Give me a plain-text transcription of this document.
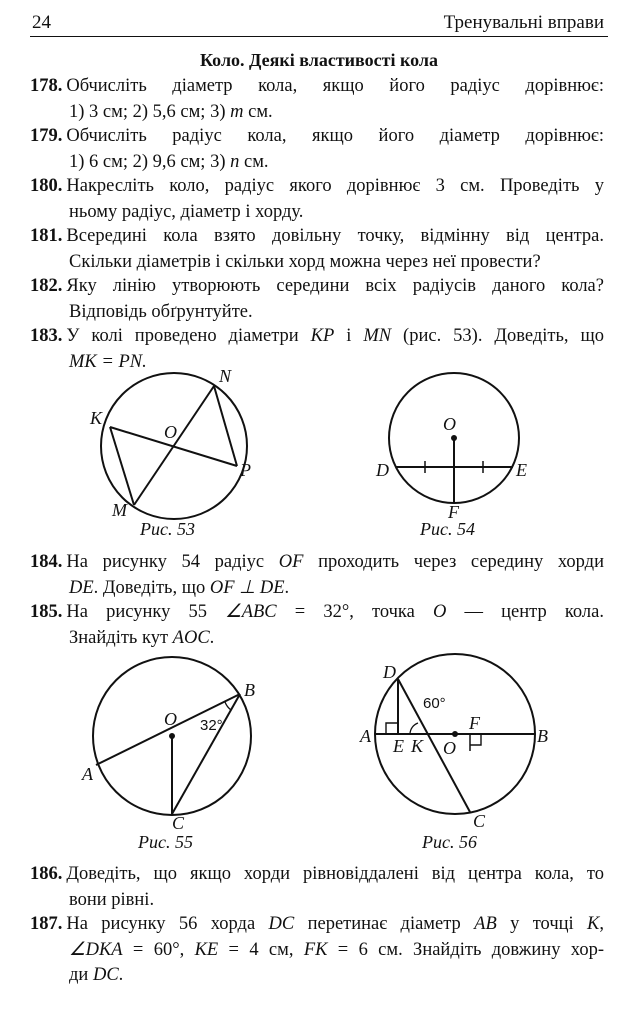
24	Тренувальні вправи
Коло. Деякі властивості кола
178. Обчисліть діаметр кола, якщо його радіус дорівнює:
1) 3 см; 2) 5,6 см; 3) m см.
179. Обчисліть радіус кола, якщо його діаметр дорівнює:
1) 6 см; 2) 9,6 см; 3) n см.
180. Накресліть коло, радіус якого дорівнює 3 см. Проведіть у
ньому радіус, діаметр і хорду.
181. Всередині кола взято довільну точку, відмінну від центра.
Скільки діаметрів і скільки хорд можна через неї провести?
182. Яку лінію утворюють середини всіх радіусів даного кола?
Відповідь обґрунтуйте.
183. У колі проведено діаметри KP і MN (рис. 53). Доведіть, що
MK = PN.
K
N
O
P
M
Рис. 53
O
D	E
F
Рис. 54
184. На рисунку 54 радіус OF проходить через середину хорди
DE. Доведіть, що OF ⊥ DE.
185. На рисунку 55 ∠ABC = 32°, точка O — центр кола.
Знайдіть кут AOC.
O
B
A
C
32°
Рис. 55
D
A	B
E K O
F
C
60°
Рис. 56
186. Доведіть, що якщо хорди рівновіддалені від центра кола, то
вони рівні.
187. На рисунку 56 хорда DC перетинає діаметр AB у точці K,
∠DKA = 60°, KE = 4 см, FK = 6 см. Знайдіть довжину хор-
ди DC.
